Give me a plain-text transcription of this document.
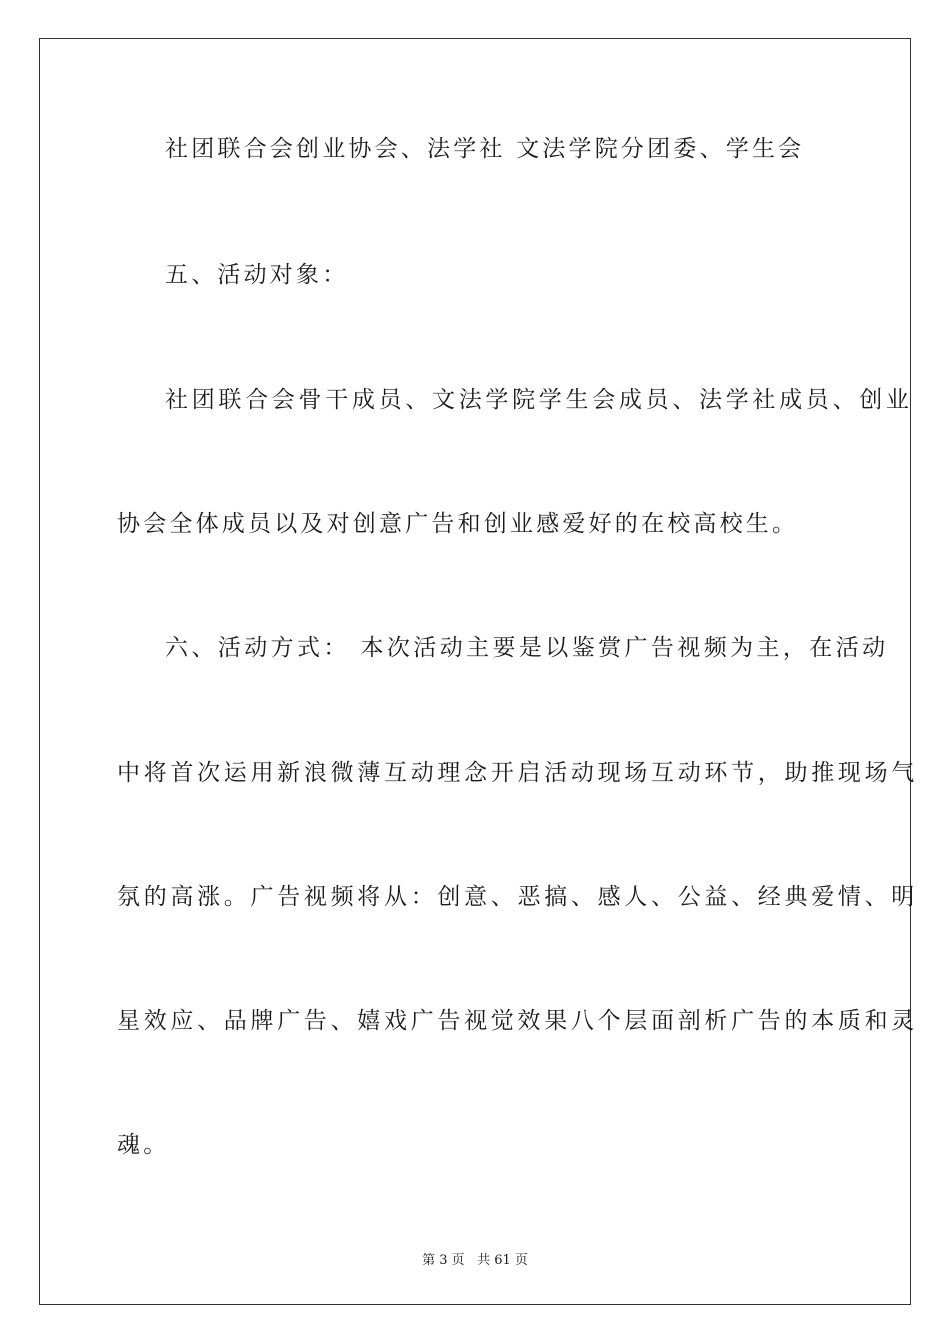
社团联合会创业协会、法学社 文法学院分团委、学生会
五、活动对象：
社团联合会骨干成员、文法学院学生会成员、法学社成员、创业
协会全体成员以及对创意广告和创业感爱好的在校高校生。
六、活动方式： 本次活动主要是以鉴赏广告视频为主，在活动
中将首次运用新浪微薄互动理念开启活动现场互动环节，助推现场气
氛的高涨。广告视频将从：创意、恶搞、感人、公益、经典爱情、明
星效应、品牌广告、嬉戏广告视觉效果八个层面剖析广告的本质和灵
魂。
第 3 页 共 61 页
